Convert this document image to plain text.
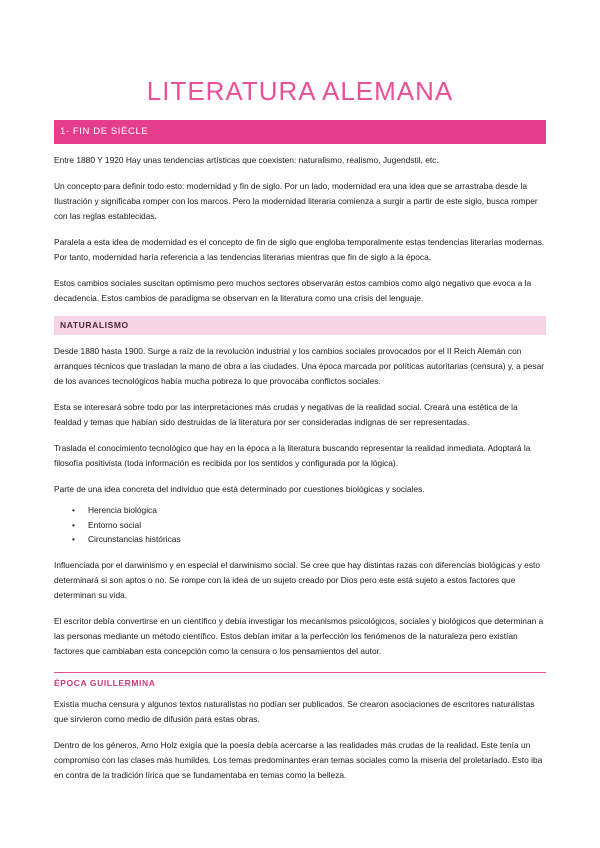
LITERATURA ALEMANA
1- FIN DE SIÈCLE

Entre 1880 Y 1920 Hay unas tendencias artísticas que coexisten: naturalismo, realismo, Jugendstil, etc.

Un concepto para definir todo esto: modernidad y fin de siglo. Por un lado, modernidad era una idea que se arrastraba desde la Ilustración y significaba romper con los marcos. Pero la modernidad literaria comienza a surgir a partir de este siglo, busca romper con las reglas establecidas.

Paralela a esta idea de modernidad es el concepto de fin de siglo que engloba temporalmente estas tendencias literarias modernas. Por tanto, modernidad haría referencia a las tendencias literarias mientras que fin de siglo a la época.

Estos cambios sociales suscitan optimismo pero muchos sectores observarán estos cambios como algo negativo que evoca a la decadencia. Estos cambios de paradigma se observan en la literatura como una crisis del lenguaje.

NATURALISMO

Desde 1880 hasta 1900. Surge a raíz de la revolución industrial y los cambios sociales provocados por el II Reich Alemán con arranques técnicos que trasladan la mano de obra a las ciudades. Una época marcada por políticas autoritarias (censura) y, a pesar de los avances tecnológicos había mucha pobreza lo que provocaba conflictos sociales.

Esta se interesará sobre todo por las interpretaciones más crudas y negativas de la realidad social. Creará una estética de la fealdad y temas que habían sido destruidas de la literatura por ser consideradas indignas de ser representadas.

Traslada el conocimiento tecnológico que hay en la época a la literatura buscando representar la realidad inmediata. Adoptará la filosofía positivista (toda información es recibida por los sentidos y configurada por la lógica).

Parte de una idea concreta del individuo que está determinado por cuestiones biológicas y sociales.

• Herencia biológica
• Entorno social
• Circunstancias históricas

Influenciada por el darwinismo y en especial el darwinismo social. Se cree que hay distintas razas con diferencias biológicas y esto determinará si son aptos o no. Se rompe con la idea de un sujeto creado por Dios pero este está sujeto a estos factores que determinan su vida.

El escritor debía convertirse en un científico y debía investigar los mecanismos psicológicos, sociales y biológicos que determinan a las personas mediante un método científico. Estos debían imitar a la perfección los fenómenos de la naturaleza pero existían factores que cambiaban esta concepción como la censura o los pensamientos del autor.

ÉPOCA GUILLERMINA

Existía mucha censura y algunos textos naturalistas no podían ser publicados. Se crearon asociaciones de escritores naturalistas que sirvieron como medio de difusión para estas obras.

Dentro de los géneros, Arno Holz exigía que la poesía debía acercarse a las realidades más crudas de la realidad. Este tenía un compromiso con las clases más humildes. Los temas predominantes eran temas sociales como la miseria del proletariado. Esto iba en contra de la tradición lírica que se fundamentaba en temas como la belleza.
